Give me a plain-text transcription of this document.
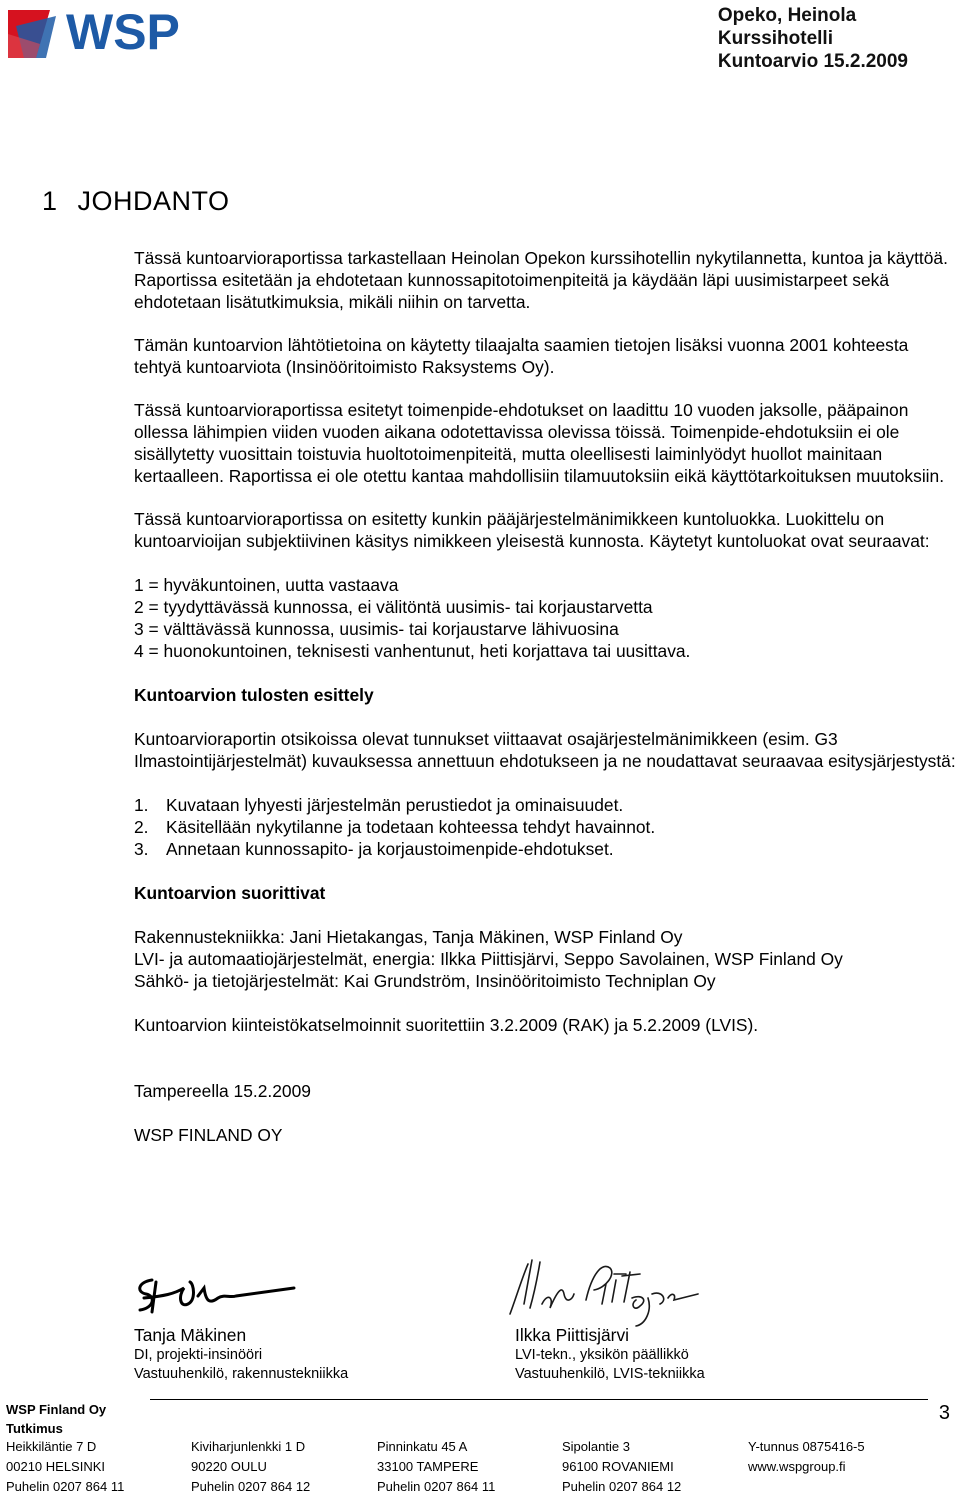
WSP	Opeko, Heinola
Kurssihotelli
Kuntoarvio 15.2.2009
1 JOHDANTO

Tässä kuntoarvioraportissa tarkastellaan Heinolan Opekon kurssihotellin nykytilannetta, kuntoa ja käyttöä. Raportissa esitetään ja ehdotetaan kunnossapitotoimenpiteitä ja käydään läpi uusimistarpeet sekä ehdotetaan lisätutkimuksia, mikäli niihin on tarvetta.

Tämän kuntoarvion lähtötietoina on käytetty tilaajalta saamien tietojen lisäksi vuonna 2001 kohteesta tehtyä kuntoarviota (Insinööritoimisto Raksystems Oy).

Tässä kuntoarvioraportissa esitetyt toimenpide-ehdotukset on laadittu 10 vuoden jaksolle, pääpainon ollessa lähimpien viiden vuoden aikana odotettavissa olevissa töissä. Toimenpide-ehdotuksiin ei ole sisällytetty vuosittain toistuvia huoltotoimenpiteitä, mutta oleellisesti laiminlyödyt huollot mainitaan kertaalleen. Raportissa ei ole otettu kantaa mahdollisiin tilamuutoksiin eikä käyttötarkoituksen muutoksiin.

Tässä kuntoarvioraportissa on esitetty kunkin pääjärjestelmänimikkeen kuntoluokka. Luokittelu on kuntoarvioijan subjektiivinen käsitys nimikkeen yleisestä kunnosta. Käytetyt kuntoluokat ovat seuraavat:

1 = hyväkuntoinen, uutta vastaava

2 = tyydyttävässä kunnossa, ei välitöntä uusimis- tai korjaustarvetta

3 = välttävässä kunnossa, uusimis- tai korjaustarve lähivuosina

4 = huonokuntoinen, teknisesti vanhentunut, heti korjattava tai uusittava.

Kuntoarvion tulosten esittely

Kuntoarvioraportin otsikoissa olevat tunnukset viittaavat osajärjestelmänimikkeen (esim. G3 Ilmastointijärjestelmät) kuvauksessa annettuun ehdotukseen ja ne noudattavat seuraavaa esitysjärjestystä:

1.	Kuvataan lyhyesti järjestelmän perustiedot ja ominaisuudet.
2.	Käsitellään nykytilanne ja todetaan kohteessa tehdyt havainnot.
3.	Annetaan kunnossapito- ja korjaustoimenpide-ehdotukset.

Kuntoarvion suorittivat

Rakennustekniikka: Jani Hietakangas, Tanja Mäkinen, WSP Finland Oy

LVI- ja automaatiojärjestelmät, energia: Ilkka Piittisjärvi, Seppo Savolainen, WSP Finland Oy

Sähkö- ja tietojärjestelmät: Kai Grundström, Insinööritoimisto Techniplan Oy

Kuntoarvion kiinteistökatselmoinnit suoritettiin 3.2.2009 (RAK) ja 5.2.2009 (LVIS).

Tampereella 15.2.2009

WSP FINLAND OY

Tanja Mäkinen
DI, projekti-insinööri
Vastuuhenkilö, rakennustekniikka
Ilkka Piittisjärvi
LVI-tekn., yksikön päällikkö
Vastuuhenkilö, LVIS-tekniikka
WSP Finland Oy
Tutkimus
3
Heikkiläntie 7 D
00210 HELSINKI
Puhelin 0207 864 11
Kiviharjunlenkki 1 D
90220 OULU
Puhelin 0207 864 12
Pinninkatu 45 A
33100 TAMPERE
Puhelin 0207 864 11
Sipolantie 3
96100 ROVANIEMI
Puhelin 0207 864 12
Y-tunnus 0875416-5
www.wspgroup.fi
